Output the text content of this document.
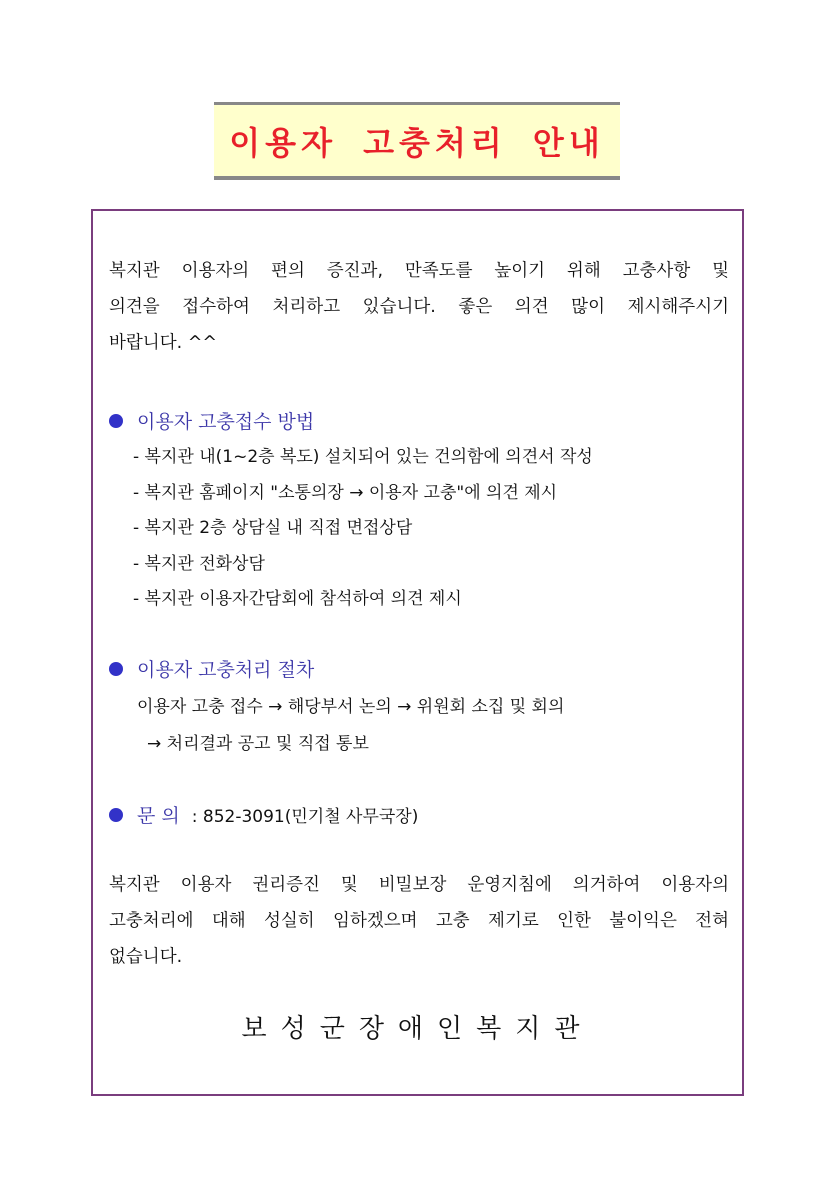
이용자 고충처리 안내

복지관 이용자의 편의 증진과, 만족도를 높이기 위해 고충사항 및
의견을 접수하여 처리하고 있습니다. 좋은 의견 많이 제시해주시기
바랍니다. ^^

이용자 고충접수 방법
- 복지관 내(1~2층 복도) 설치되어 있는 건의함에 의견서 작성
- 복지관 홈페이지 "소통의장 → 이용자 고충"에 의견 제시
- 복지관 2층 상담실 내 직접 면접상담
- 복지관 전화상담
- 복지관 이용자간담회에 참석하여 의견 제시
이용자 고충처리 절차
이용자 고충 접수 → 해당부서 논의 → 위원회 소집 및 회의
→ 처리결과 공고 및 직접 통보
문 의 : 852-3091(민기철 사무국장)

복지관 이용자 권리증진 및 비밀보장 운영지침에 의거하여 이용자의
고충처리에 대해 성실히 임하겠으며 고충 제기로 인한 불이익은 전혀
없습니다.

보성군장애인복지관
